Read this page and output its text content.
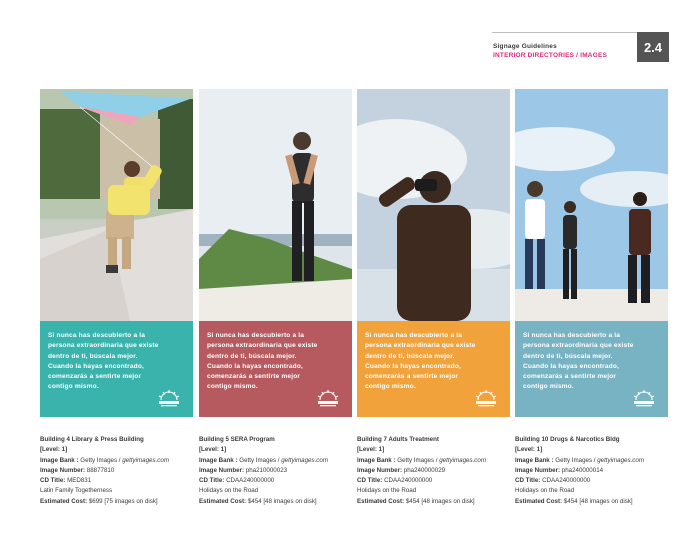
Signage Guidelines
INTERIOR DIRECTORIES / IMAGES
2.4
Si nunca has descubierto a la
persona extraordinaria que existe
dentro de ti, búscala mejor.
Cuando la hayas encontrado,
comenzarás a sentirte mejor
contigo mismo.
Si nunca has descubierto a la
persona extraordinaria que existe
dentro de ti, búscala mejor.
Cuando la hayas encontrado,
comenzarás a sentirte mejor
contigo mismo.
Si nunca has descubierto a la
persona extraordinaria que existe
dentro de ti, búscala mejor.
Cuando la hayas encontrado,
comenzarás a sentirte mejor
contigo mismo.
Si nunca has descubierto a la
persona extraordinaria que existe
dentro de ti, búscala mejor.
Cuando la hayas encontrado,
comenzarás a sentirte mejor
contigo mismo.
Building 4 Library & Press Building
[Level: 1]
Image Bank : Getty Images / gettyimages.com
Image Number: 88877810
CD Title: MED831
Latin Family Togetherness
Estimated Cost: $699 [75 images on disk]
Building 5 SERA Program
[Level: 1]
Image Bank : Getty Images / gettyimages.com
Image Number: pha210000023
CD Title: CDAA240000000
Holidays on the Road
Estimated Cost: $454 [48 images on disk]
Building 7 Adults Treatment
[Level: 1]
Image Bank : Getty Images / gettyimages.com
Image Number: pha240000029
CD Title: CDAA240000000
Holidays on the Road
Estimated Cost: $454 [48 images on disk]
Building 10 Drugs & Narcotics Bldg
[Level: 1]
Image Bank : Getty Images / gettyimages.com
Image Number: pha240000014
CD Title: CDAA240000000
Holidays on the Road
Estimated Cost: $454 [48 images on disk]
